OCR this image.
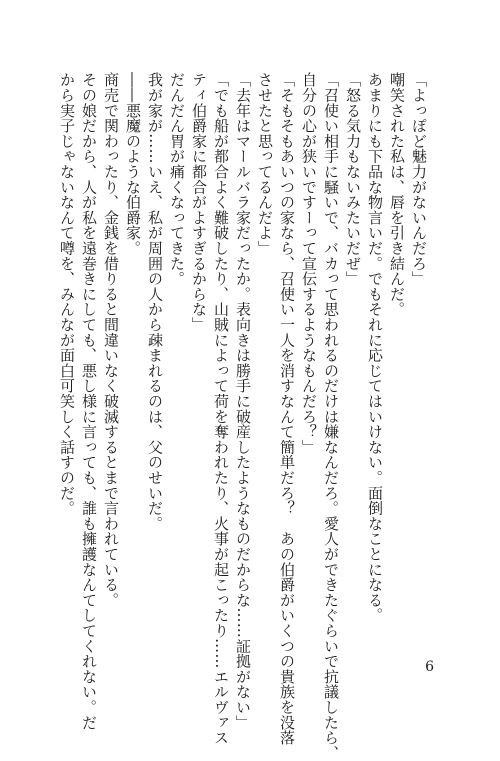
「よっぽど魅力がないんだろ」
嘲笑された私は、唇を引き結んだ。
あまりにも下品な物言いだ。でもそれに応じてはいけない。面倒なことになる。
「怒る気力もないみたいだぜ」
「召使い相手に騒いで、バカって思われるのだけは嫌なんだろ。愛人ができたぐらいで抗議したら、
自分の心が狭いですーって宣伝するようなもんだろ？」
「そもそもあいつの家なら、召使い一人を消すなんて簡単だろ？　あの伯爵がいくつの貴族を没落
させたと思ってるんだよ」
「去年はマールバラ家だったか。表向きは勝手に破産したようなものだからな……証拠がない」
「でも船が都合よく難破したり、山賊によって荷を奪われたり、火事が起こったり……エルヴァス
ティ伯爵家に都合がよすぎるからな」
だんだん胃が痛くなってきた。
我が家が……いえ、私が周囲の人から疎まれるのは、父のせいだ。
――悪魔のような伯爵家。
商売で関わったり、金銭を借りると間違いなく破滅するとまで言われている。
その娘だから、人が私を遠巻きにしても、悪し様に言っても、誰も擁護なんてしてくれない。だ
から実子じゃないなんて噂を、みんなが面白可笑しく話すのだ。
6
